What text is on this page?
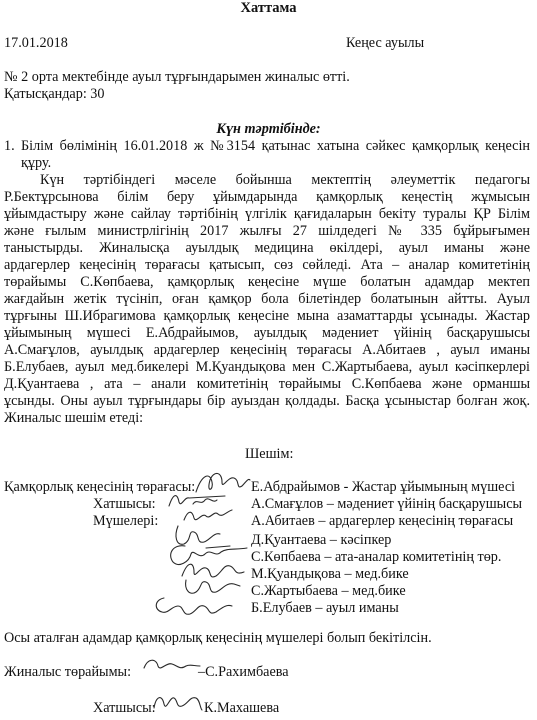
Хаттама
17.01.2018	Кеңес ауылы
№ 2 орта мектебінде ауыл тұрғындарымен жиналыс өтті.
Қатысқандар: 30
Күн тәртібінде:
1. Білім бөлімінің 16.01.2018 ж №3154 қатынас хатына сәйкес қамқорлық кеңесін
құру.
Күн тәртібіндегі мәселе бойынша мектептің әлеуметтік педагогы
Р.Бектұрсынова білім беру ұйымдарында қамқорлық кеңестің жұмысын
ұйымдастыру және сайлау тәртібінің үлгілік қағидаларын бекіту туралы ҚР Білім
және ғылым министрлігінің 2017 жылғы 27 шілдедегі № 335 бұйрығымен
таныстырды. Жиналысқа ауылдық медицина өкілдері, ауыл иманы және
ардагерлер кеңесінің төрағасы қатысып, сөз сөйледі. Ата – аналар комитетінің
төрайымы С.Көпбаева, қамқорлық кеңесіне мүше болатын адамдар мектеп
жағдайын жетік түсініп, оған қамқор бола білетіндер болатынын айтты. Ауыл
тұрғыны Ш.Ибрагимова қамқорлық кеңесіне мына азаматтарды ұсынады. Жастар
ұйымының мүшесі Е.Абдрайымов, ауылдық мәдениет үйінің басқарушысы
А.Смағұлов, ауылдық ардагерлер кеңесінің төрағасы А.Абитаев , ауыл иманы
Б.Елубаев, ауыл мед.бикелері М.Қуандықова мен С.Жартыбаева, ауыл кәсіпкерлері
Д.Қуантаева , ата – анали комитетінің төрайымы С.Көпбаева және орманшы
ұсынды. Оны ауыл тұрғындары бір ауыздан қолдады. Басқа ұсыныстар болған жоқ.
Жиналыс шешім етеді:
Шешім:
Қамқорлық кеңесінің төрағасы:	Е.Абдрайымов - Жастар ұйымының мүшесі
Хатшысы:	А.Смағұлов – мәдениет үйінің басқарушысы
Мүшелері:	А.Абитаев – ардагерлер кеңесінің төрағасы
Д.Қуантаева – кәсіпкер
С.Көпбаева – ата-аналар комитетінің төр.
М.Қуандықова – мед.бике
С.Жартыбаева – мед.бике
Б.Елубаев – ауыл иманы
Осы аталған адамдар қамқорлық кеңесінің мүшелері болып бекітілсін.
Жиналыс төрайымы:	–С.Рахимбаева
Хатшысы:	К.Махашева
